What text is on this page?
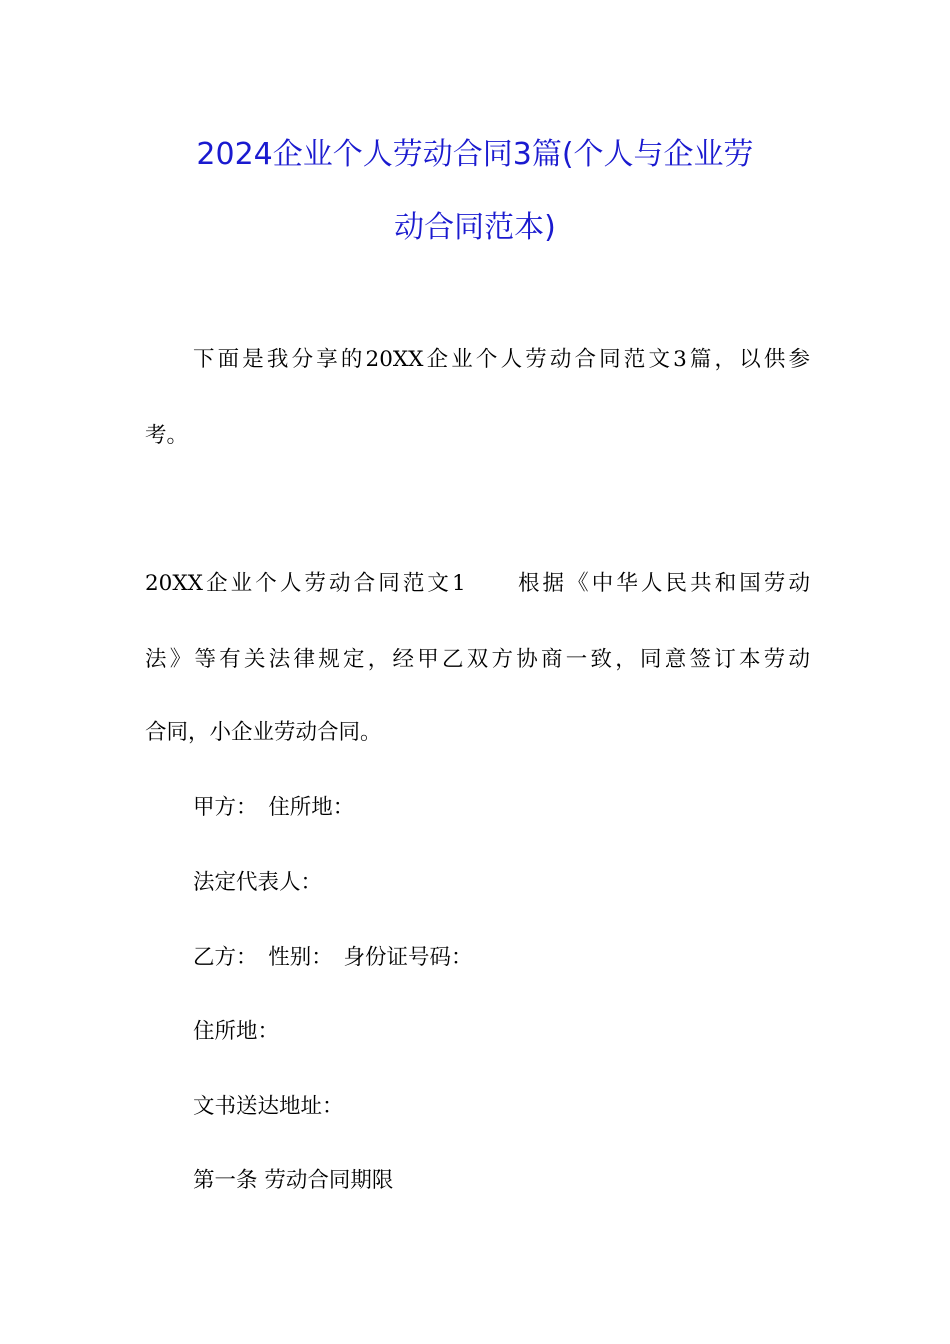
2024企业个人劳动合同3篇(个人与企业劳
动合同范本)

下面是我分享的20XX企业个人劳动合同范文3篇，以供参

考。

20XX企业个人劳动合同范文1　　根据《中华人民共和国劳动

法》等有关法律规定，经甲乙双方协商一致，同意签订本劳动

合同，小企业劳动合同。

甲方：　住所地：

法定代表人：

乙方：　性别：　身份证号码：

住所地：

文书送达地址：

第一条 劳动合同期限
